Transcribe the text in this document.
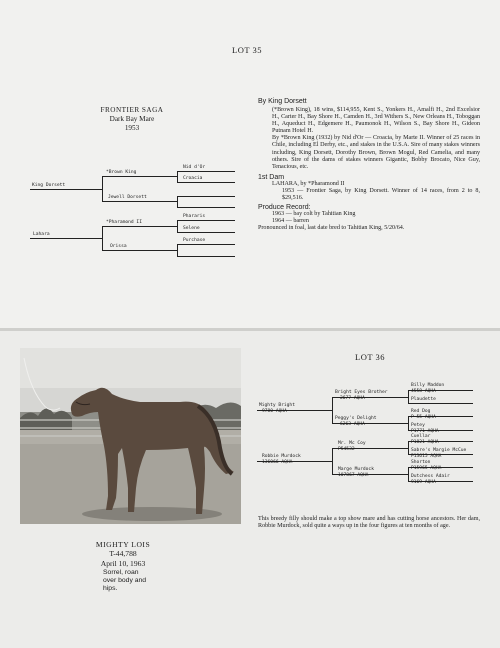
LOT 35
FRONTIER SAGA
Dark Bay Mare
1953
King Dorsett
*Brown King
Nid d'Or
Croacia
Jewell Dorsett
Lahara
*Pharamond II
Phararis
Selene
Orissa
Purchase
By King Dorsett
(*Brown King), 18 wins, $114,955, Kent S., Yonkers H., Amalfi H., 2nd Excelsior H., Carter H., Bay Shore H., Camden H., 3rd Withers S., New Orleans H., Toboggan H., Aqueduct H., Edgemere H., Paumonok H., Wilson S., Bay Shore H., Gideon Putnam Hotel H.
By *Brown King (1932) by Nid d'Or — Croacia, by Marte II. Winner of 25 races in Chile, including El Derby, etc., and stakes in the U.S.A. Sire of many stakes winners including, King Dorsett, Dorothy Brown, Brown Mogul, Red Camelia, and many others. Sire of the dams of stakes winners Gigantic, Bobby Brocato, Nice Guy, Tenacious, etc.
1st Dam
LAHARA, by *Pharamond II
1953 — Frontier Saga, by King Dorsett. Winner of 14 races, from 2 to 8, $29,516.
Produce Record:
1963 — bay colt by Tahitian King
1964 — barren
Pronounced in foal, last date bred to Tahitian King, 5/20/64.
MIGHTY LOIS
T-44,788
April 10, 1963
Sorrel, roan
over body and
hips.
LOT 36
Mighty Bright
9780 AQHA
Bright Eyes Brother
2677 AQHA
Billy Maddon
4558 AQHA
Plaudette
Peggy's Delight
6263 AQHA
Red Dog
P-55 AQHA
Petey
P1771 AQHA
Robbie Murdock
136066 AQHA
Mr. Mc Coy
P54532
Cuellar
P1821 AQHA
Sabre's Margie McCue
P13615 AQHA
Marge Murdock
107867 AQHA
Shorton
P15965 AQHA
Dutchess Adair
9169 AQHA
This breedy filly should make a top show mare and has cutting horse ancestors. Her dam, Robbie Murdock, sold quite a ways up in the four figures at ten months of age.
